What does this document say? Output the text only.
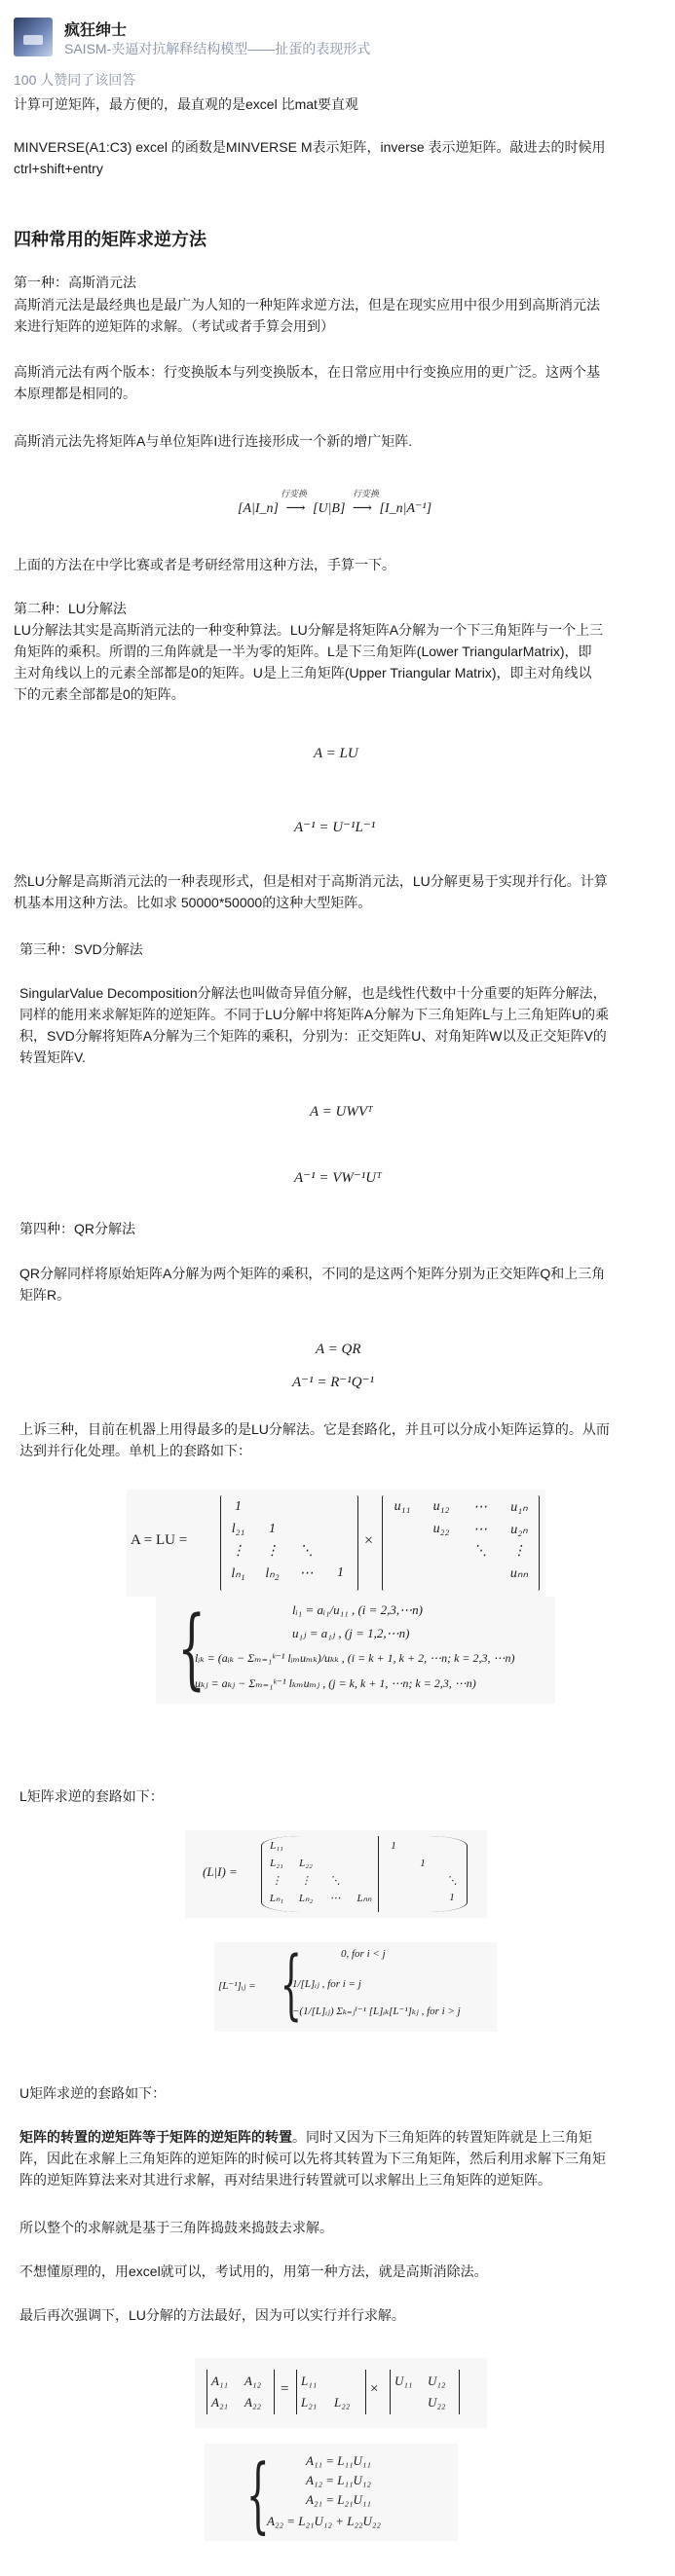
疯狂绅士
SAISM-夹逼对抗解释结构模型——扯蛋的表现形式
100 人赞同了该回答
计算可逆矩阵，最方便的，最直观的是excel 比mat要直观
MINVERSE(A1:C3) excel 的函数是MINVERSE M表示矩阵，inverse 表示逆矩阵。敲进去的时候用
ctrl+shift+entry
四种常用的矩阵求逆方法
第一种：高斯消元法
高斯消元法是最经典也是最广为人知的一种矩阵求逆方法，但是在现实应用中很少用到高斯消元法
来进行矩阵的逆矩阵的求解。（考试或者手算会用到）
高斯消元法有两个版本：行变换版本与列变换版本，在日常应用中行变换应用的更广泛。这两个基
本原理都是相同的。
高斯消元法先将矩阵A与单位矩阵I进行连接形成一个新的增广矩阵.
行变换	行变换
[A|I_n] ⟶ [U|B] ⟶ [I_n|A⁻¹]
上面的方法在中学比赛或者是考研经常用这种方法，手算一下。
第二种：LU分解法
LU分解法其实是高斯消元法的一种变种算法。LU分解是将矩阵A分解为一个下三角矩阵与一个上三
角矩阵的乘积。所谓的三角阵就是一半为零的矩阵。L是下三角矩阵(Lower TriangularMatrix)，即
主对角线以上的元素全部都是0的矩阵。U是上三角矩阵(Upper Triangular Matrix)，即主对角线以
下的元素全部都是0的矩阵。
A = LU
A⁻¹ = U⁻¹L⁻¹
然LU分解是高斯消元法的一种表现形式，但是相对于高斯消元法，LU分解更易于实现并行化。计算
机基本用这种方法。比如求 50000*50000的这种大型矩阵。
第三种：SVD分解法
SingularValue Decomposition分解法也叫做奇异值分解，也是线性代数中十分重要的矩阵分解法，
同样的能用来求解矩阵的逆矩阵。不同于LU分解中将矩阵A分解为下三角矩阵L与上三角矩阵U的乘
积，SVD分解将矩阵A分解为三个矩阵的乘积，分别为：正交矩阵U、对角矩阵W以及正交矩阵V的
转置矩阵V.
A = UWVᵀ
A⁻¹ = VW⁻¹Uᵀ
第四种：QR分解法
QR分解同样将原始矩阵A分解为两个矩阵的乘积，不同的是这两个矩阵分别为正交矩阵Q和上三角
矩阵R。
A = QR
A⁻¹ = R⁻¹Q⁻¹
上诉三种，目前在机器上用得最多的是LU分解法。它是套路化，并且可以分成小矩阵运算的。从而
达到并行化处理。单机上的套路如下：
A = LU =
1
l₂₁	1
⋮	⋮	⋱
lₙ₁	lₙ₂	⋯	1
×
u₁₁	u₁₂	⋯	u₁ₙ
u₂₂	⋯	u₂ₙ
⋱	⋮
uₙₙ
{	lᵢ₁ = aᵢ₁/u₁₁ , (i = 2,3,⋯n)
u₁ⱼ = a₁ⱼ , (j = 1,2,⋯n)
lᵢₖ = (aᵢₖ − Σₘ₌₁ᵏ⁻¹ lᵢₘuₘₖ)/uₖₖ , (i = k + 1, k + 2, ⋯n; k = 2,3, ⋯n)
uₖⱼ = aₖⱼ − Σₘ₌₁ᵏ⁻¹ lₖₘuₘⱼ , (j = k, k + 1, ⋯n; k = 2,3, ⋯n)
L矩阵求逆的套路如下：
(L|I) =
L₁₁
L₂₁	L₂₂
⋮	⋮	⋱
Lₙ₁	Lₙ₂	⋯	Lₙₙ
1
1
⋱
1
[L⁻¹]ᵢⱼ = {	0, for i < j
1/[L]ᵢⱼ , for i = j
−(1/[L]ᵢⱼ) Σₖ₌ⱼⁱ⁻¹ [L]ᵢₖ[L⁻¹]ₖⱼ , for i > j
U矩阵求逆的套路如下：
矩阵的转置的逆矩阵等于矩阵的逆矩阵的转置。同时又因为下三角矩阵的转置矩阵就是上三角矩
阵，因此在求解上三角矩阵的逆矩阵的时候可以先将其转置为下三角矩阵，然后利用求解下三角矩
阵的逆矩阵算法来对其进行求解，再对结果进行转置就可以求解出上三角矩阵的逆矩阵。
所以整个的求解就是基于三角阵捣鼓来捣鼓去求解。
不想懂原理的，用excel就可以，考试用的，用第一种方法，就是高斯消除法。
最后再次强调下，LU分解的方法最好，因为可以实行并行求解。
A₁₁ A₁₂
A₂₁ A₂₂
=
L₁₁
L₂₁ L₂₂
×
U₁₁ U₁₂
U₂₂
{	A₁₁ = L₁₁U₁₁
A₁₂ = L₁₁U₁₂
A₂₁ = L₂₁U₁₁
A₂₂ = L₂₁U₁₂ + L₂₂U₂₂
